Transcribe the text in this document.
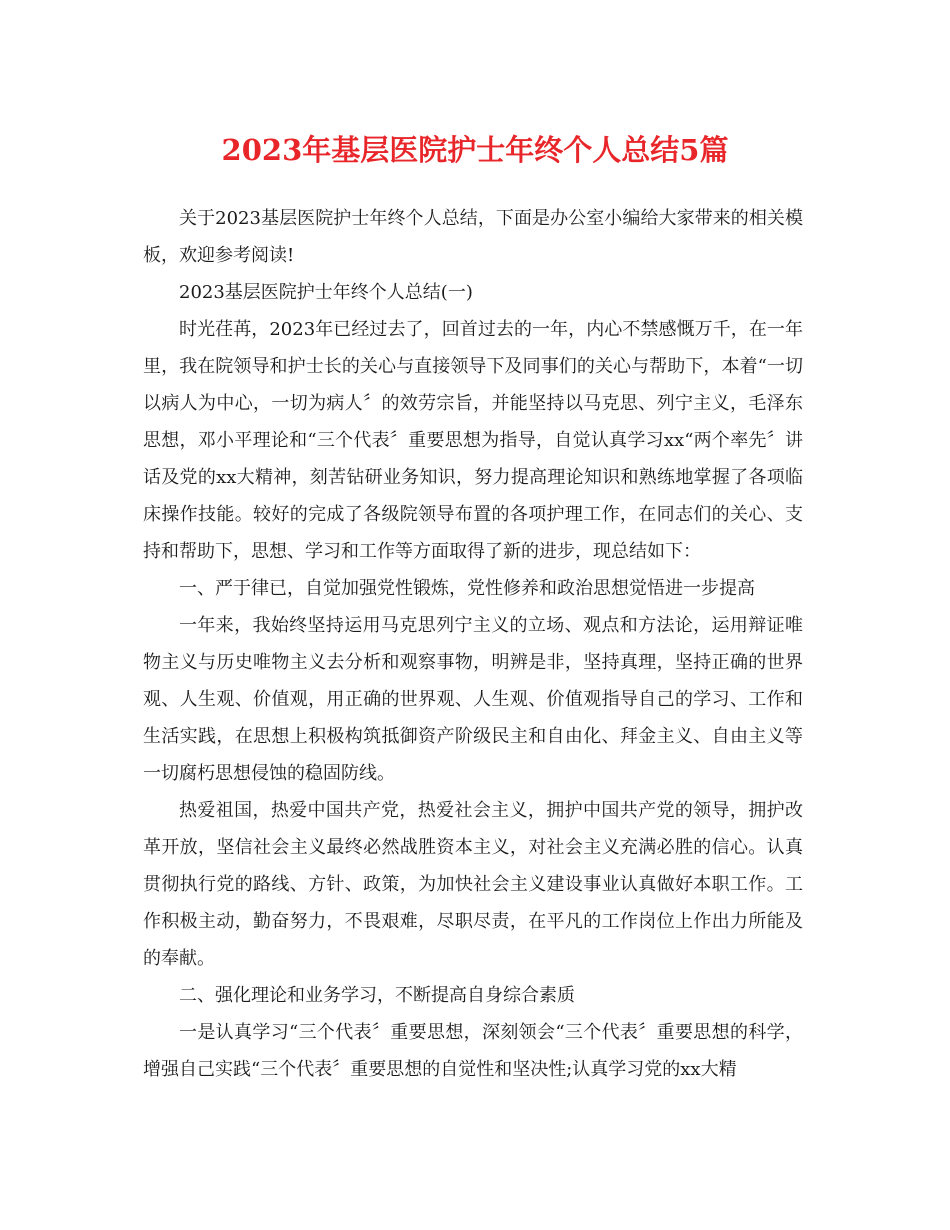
2023年基层医院护士年终个人总结5篇

关于2023基层医院护士年终个人总结，下面是办公室小编给大家带来的相关模板，欢迎参考阅读!

2023基层医院护士年终个人总结(一)

时光荏苒，2023年已经过去了，回首过去的一年，内心不禁感慨万千，在一年里，我在院领导和护士长的关心与直接领导下及同事们的关心与帮助下，本着“一切以病人为中心，一切为病人〞的效劳宗旨，并能坚持以马克思、列宁主义，毛泽东思想，邓小平理论和“三个代表〞重要思想为指导，自觉认真学习xx“两个率先〞讲话及党的xx大精神，刻苦钻研业务知识，努力提高理论知识和熟练地掌握了各项临床操作技能。较好的完成了各级院领导布置的各项护理工作，在同志们的关心、支持和帮助下，思想、学习和工作等方面取得了新的进步，现总结如下：

一、严于律已，自觉加强党性锻炼，党性修养和政治思想觉悟进一步提高

一年来，我始终坚持运用马克思列宁主义的立场、观点和方法论，运用辩证唯物主义与历史唯物主义去分析和观察事物，明辨是非，坚持真理，坚持正确的世界观、人生观、价值观，用正确的世界观、人生观、价值观指导自己的学习、工作和生活实践，在思想上积极构筑抵御资产阶级民主和自由化、拜金主义、自由主义等一切腐朽思想侵蚀的稳固防线。

热爱祖国，热爱中国共产党，热爱社会主义，拥护中国共产党的领导，拥护改革开放，坚信社会主义最终必然战胜资本主义，对社会主义充满必胜的信心。认真贯彻执行党的路线、方针、政策，为加快社会主义建设事业认真做好本职工作。工作积极主动，勤奋努力，不畏艰难，尽职尽责，在平凡的工作岗位上作出力所能及的奉献。

二、强化理论和业务学习，不断提高自身综合素质

一是认真学习“三个代表〞重要思想，深刻领会“三个代表〞重要思想的科学，增强自己实践“三个代表〞重要思想的自觉性和坚决性;认真学习党的xx大精
